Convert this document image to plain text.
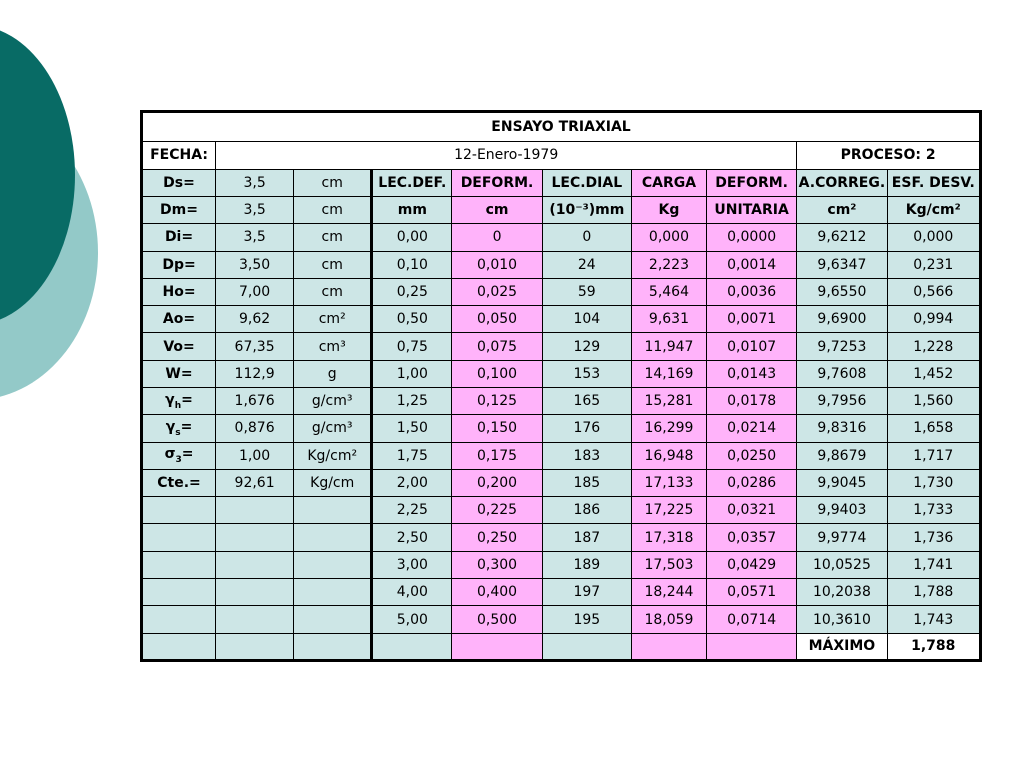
ENSAYO TRIAXIAL									
FECHA:	12-Enero-1979							PROCESO: 2	
Ds=	3,5	cm	LEC.DEF.	DEFORM.	LEC.DIAL	CARGA	DEFORM.	A.CORREG.	ESF. DESV.
Dm=	3,5	cm	mm	cm	(10⁻³)mm	Kg	UNITARIA	cm²	Kg/cm²
Di=	3,5	cm	0,00	0	0	0,000	0,0000	9,6212	0,000
Dp=	3,50	cm	0,10	0,010	24	2,223	0,0014	9,6347	0,231
Ho=	7,00	cm	0,25	0,025	59	5,464	0,0036	9,6550	0,566
Ao=	9,62	cm²	0,50	0,050	104	9,631	0,0071	9,6900	0,994
Vo=	67,35	cm³	0,75	0,075	129	11,947	0,0107	9,7253	1,228
W=	112,9	g	1,00	0,100	153	14,169	0,0143	9,7608	1,452
$\gamma_h=$	1,676	g/cm³	1,25	0,125	165	15,281	0,0178	9,7956	1,560
$\gamma_s=$	0,876	g/cm³	1,50	0,150	176	16,299	0,0214	9,8316	1,658
$\sigma_3=$	1,00	Kg/cm²	1,75	0,175	183	16,948	0,0250	9,8679	1,717
Cte.=	92,61	Kg/cm	2,00	0,200	185	17,133	0,0286	9,9045	1,730
			2,25	0,225	186	17,225	0,0321	9,9403	1,733
			2,50	0,250	187	17,318	0,0357	9,9774	1,736
			3,00	0,300	189	17,503	0,0429	10,0525	1,741
			4,00	0,400	197	18,244	0,0571	10,2038	1,788
			5,00	0,500	195	18,059	0,0714	10,3610	1,743
								MÁXIMO	1,788
